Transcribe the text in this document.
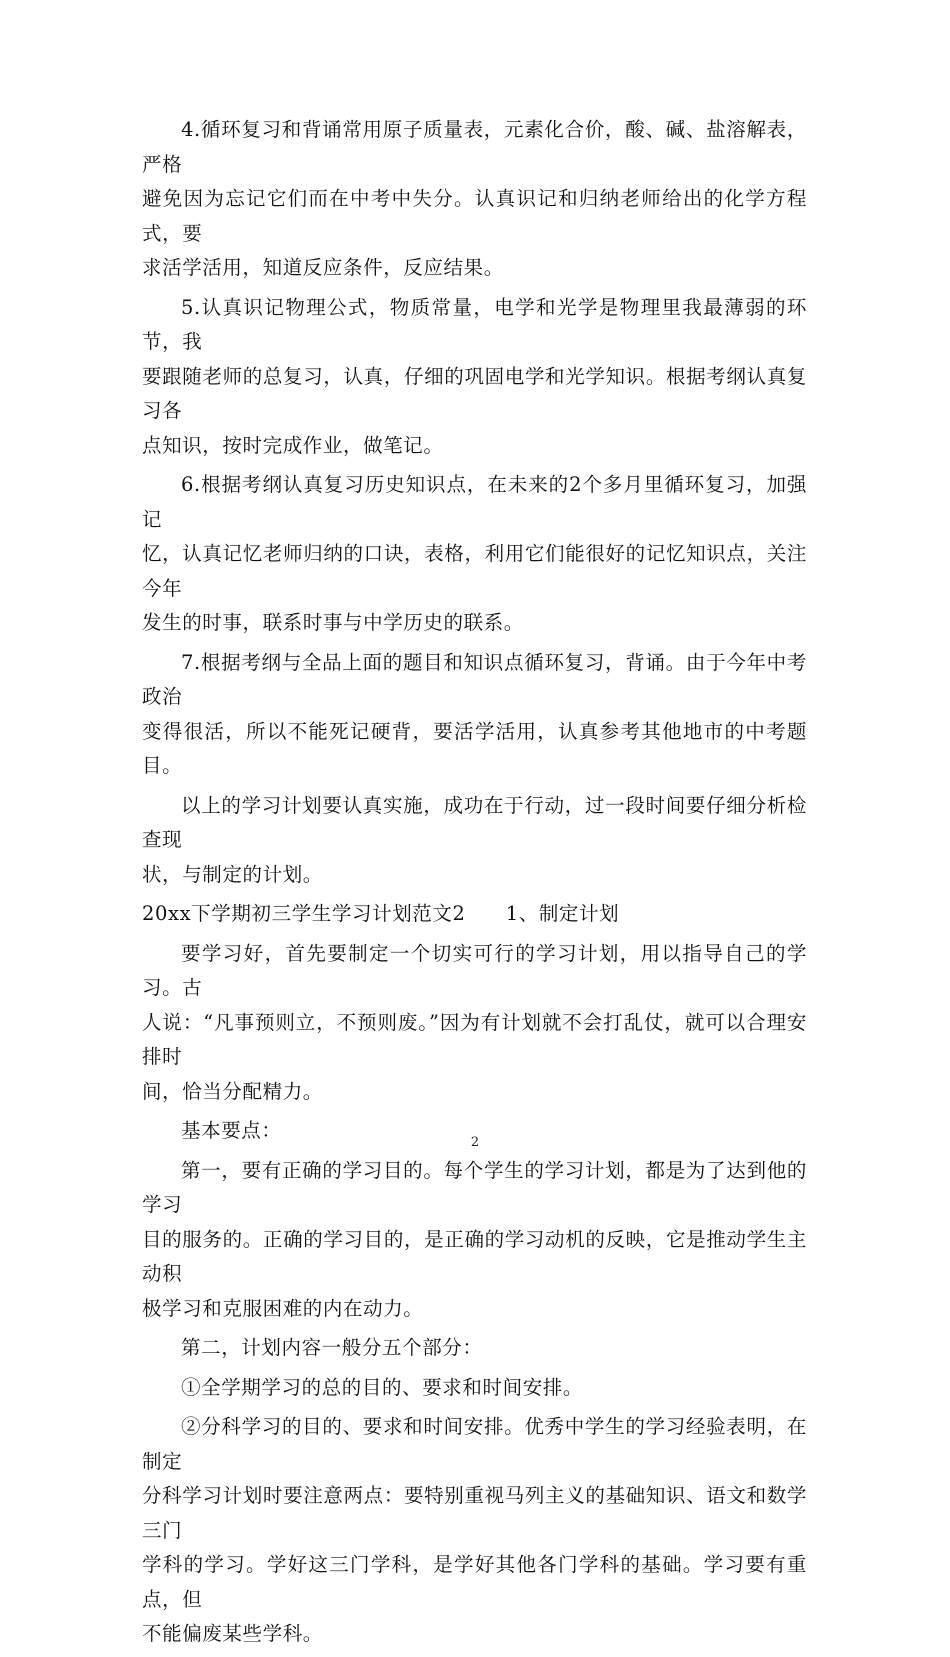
4.循环复习和背诵常用原子质量表，元素化合价，酸、碱、盐溶解表，严格
避免因为忘记它们而在中考中失分。认真识记和归纳老师给出的化学方程式，要
求活学活用，知道反应条件，反应结果。

5.认真识记物理公式，物质常量，电学和光学是物理里我最薄弱的环节，我
要跟随老师的总复习，认真，仔细的巩固电学和光学知识。根据考纲认真复习各
点知识，按时完成作业，做笔记。

6.根据考纲认真复习历史知识点，在未来的2个多月里循环复习，加强记
忆，认真记忆老师归纳的口诀，表格，利用它们能很好的记忆知识点，关注今年
发生的时事，联系时事与中学历史的联系。

7.根据考纲与全品上面的题目和知识点循环复习，背诵。由于今年中考政治
变得很活，所以不能死记硬背，要活学活用，认真参考其他地市的中考题目。

以上的学习计划要认真实施，成功在于行动，过一段时间要仔细分析检查现
状，与制定的计划。

20xx下学期初三学生学习计划范文2　　1、制定计划

要学习好，首先要制定一个切实可行的学习计划，用以指导自己的学习。古
人说：“凡事预则立，不预则废。”因为有计划就不会打乱仗，就可以合理安排时
间，恰当分配精力。

基本要点：

第一，要有正确的学习目的。每个学生的学习计划，都是为了达到他的学习
目的服务的。正确的学习目的，是正确的学习动机的反映，它是推动学生主动积
极学习和克服困难的内在动力。

第二，计划内容一般分五个部分：

①全学期学习的总的目的、要求和时间安排。

②分科学习的目的、要求和时间安排。优秀中学生的学习经验表明，在制定
分科学习计划时要注意两点：要特别重视马列主义的基础知识、语文和数学三门
学科的学习。学好这三门学科，是学好其他各门学科的基础。学习要有重点，但
不能偏废某些学科。

2
